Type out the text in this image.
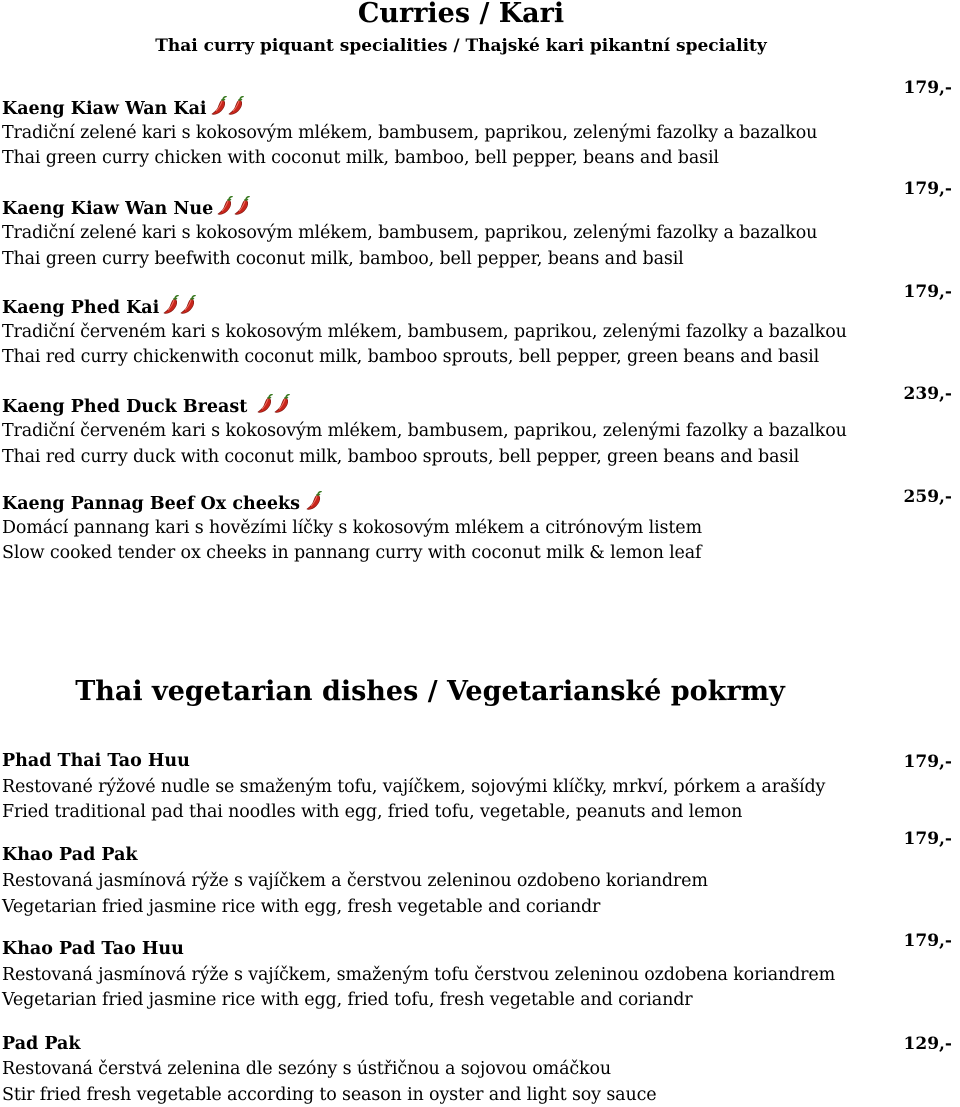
Curries / Kari
Thai curry piquant specialities / Thajské kari pikantní speciality
Kaeng Kiaw Wan Kai
Tradiční zelené kari s kokosovým mlékem, bambusem, paprikou, zelenými fazolky a bazalkou
Thai green curry chicken with coconut milk, bamboo, bell pepper, beans and basil
179,-
Kaeng Kiaw Wan Nue
Tradiční zelené kari s kokosovým mlékem, bambusem, paprikou, zelenými fazolky a bazalkou
Thai green curry beefwith coconut milk, bamboo, bell pepper, beans and basil
179,-
Kaeng Phed Kai
Tradiční červeném kari s kokosovým mlékem, bambusem, paprikou, zelenými fazolky a bazalkou
Thai red curry chickenwith coconut milk, bamboo sprouts, bell pepper, green beans and basil
179,-
Kaeng Phed Duck Breast
Tradiční červeném kari s kokosovým mlékem, bambusem, paprikou, zelenými fazolky a bazalkou
Thai red curry duck with coconut milk, bamboo sprouts, bell pepper, green beans and basil
239,-
Kaeng Pannag Beef Ox cheeks
Domácí pannang kari s hovězími líčky s kokosovým mlékem a citrónovým listem
Slow cooked tender ox cheeks in pannang curry with coconut milk & lemon leaf
259,-
Thai vegetarian dishes / Vegetarianské pokrmy
Phad Thai Tao Huu
Restované rýžové nudle se smaženým tofu, vajíčkem, sojovými klíčky, mrkví, pórkem a arašídy
Fried traditional pad thai noodles with egg, fried tofu, vegetable, peanuts and lemon
179,-
Khao Pad Pak
Restovaná jasmínová rýže s vajíčkem a čerstvou zeleninou ozdobeno koriandrem
Vegetarian fried jasmine rice with egg, fresh vegetable and coriandr
179,-
Khao Pad Tao Huu
Restovaná jasmínová rýže s vajíčkem, smaženým tofu čerstvou zeleninou ozdobena koriandrem
Vegetarian fried jasmine rice with egg, fried tofu, fresh vegetable and coriandr
179,-
Pad Pak
Restovaná čerstvá zelenina dle sezóny s ústřičnou a sojovou omáčkou
Stir fried fresh vegetable according to season in oyster and light soy sauce
129,-
